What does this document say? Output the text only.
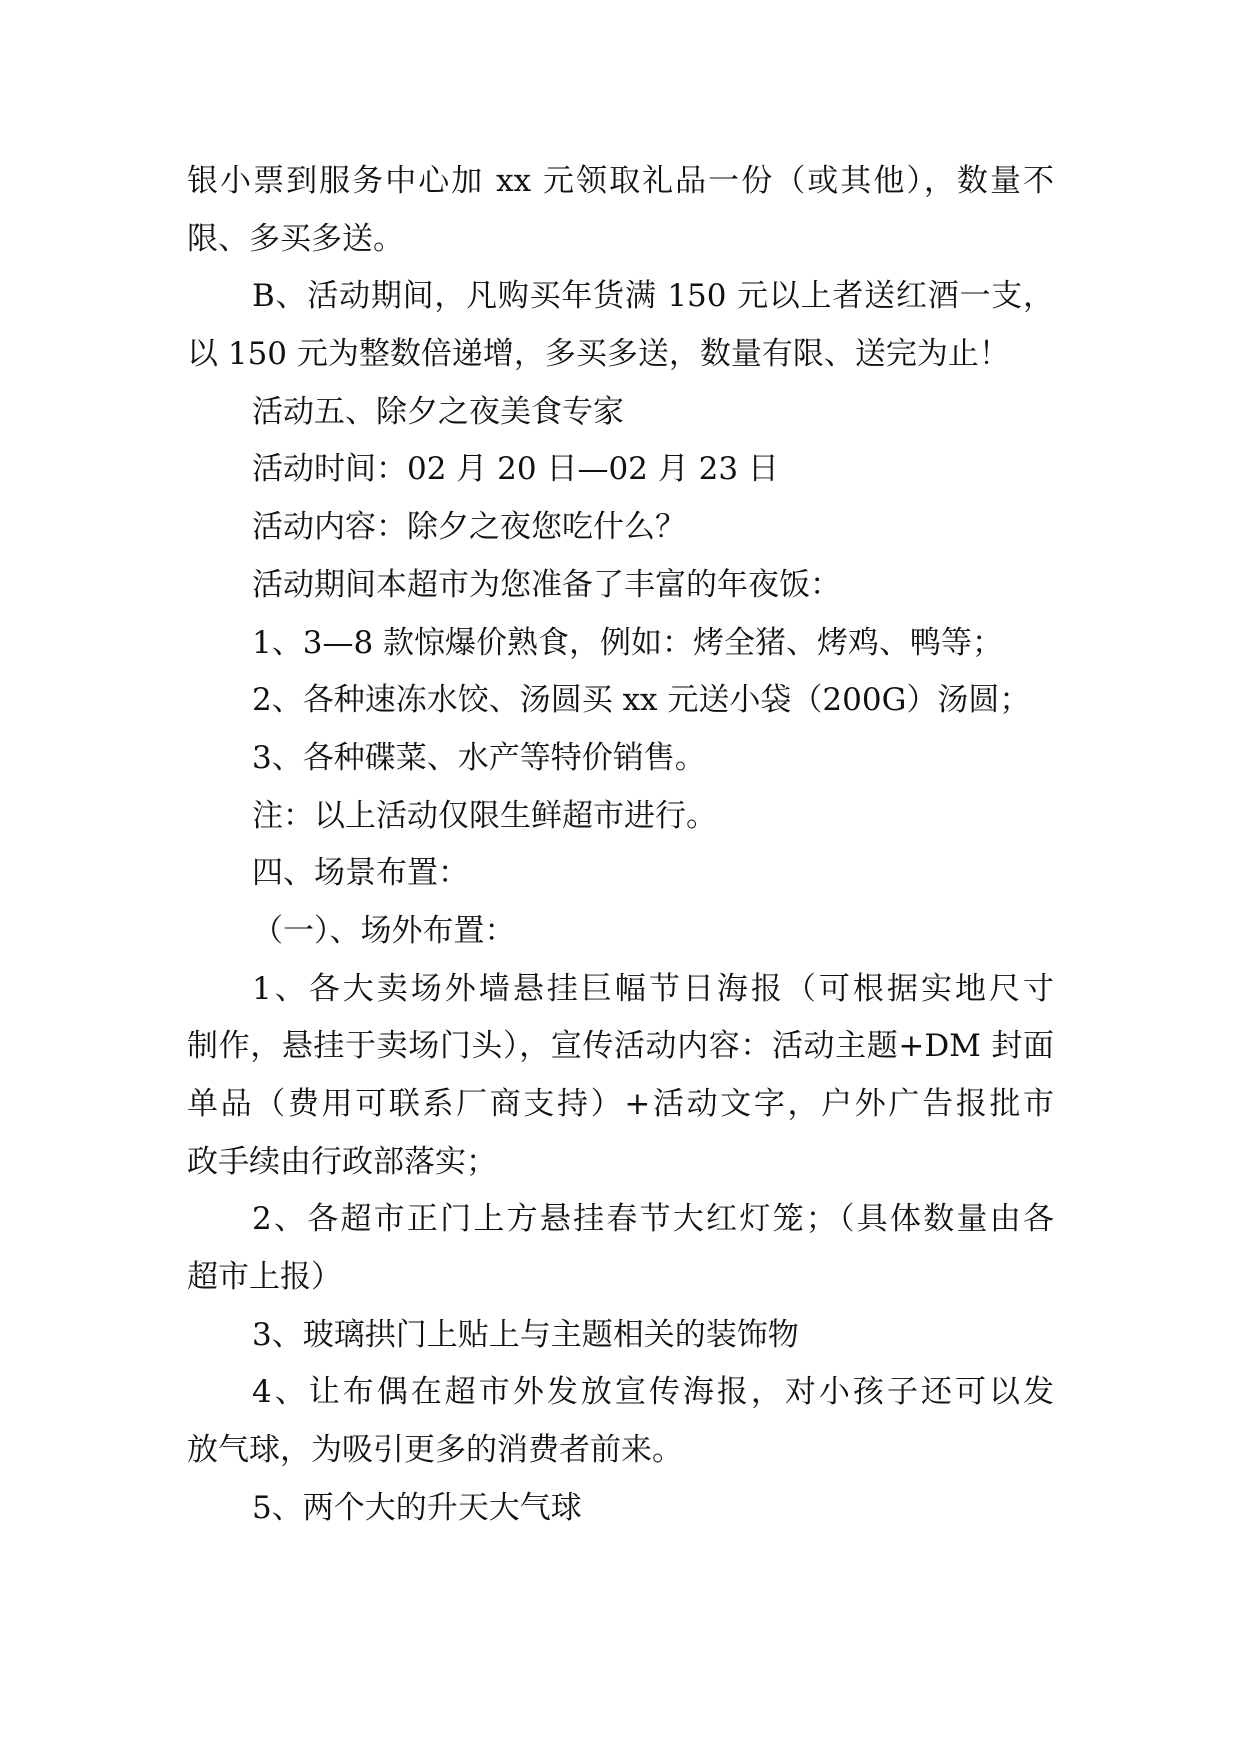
银小票到服务中心加 xx 元领取礼品一份（或其他），数量不
限、多买多送。
B、活动期间，凡购买年货满 150 元以上者送红酒一支，
以 150 元为整数倍递增，多买多送，数量有限、送完为止！
活动五、除夕之夜美食专家
活动时间：02 月 20 日—02 月 23 日
活动内容：除夕之夜您吃什么？
活动期间本超市为您准备了丰富的年夜饭：
1、3—8 款惊爆价熟食，例如：烤全猪、烤鸡、鸭等；
2、各种速冻水饺、汤圆买 xx 元送小袋（200G）汤圆；
3、各种碟菜、水产等特价销售。
注：以上活动仅限生鲜超市进行。
四、场景布置：
（一）、场外布置：
1、各大卖场外墙悬挂巨幅节日海报（可根据实地尺寸
制作，悬挂于卖场门头），宣传活动内容：活动主题+DM 封面
单品（费用可联系厂商支持）+活动文字，户外广告报批市
政手续由行政部落实；
2、各超市正门上方悬挂春节大红灯笼；（具体数量由各
超市上报）
3、玻璃拱门上贴上与主题相关的装饰物
4、让布偶在超市外发放宣传海报，对小孩子还可以发
放气球，为吸引更多的消费者前来。
5、两个大的升天大气球
